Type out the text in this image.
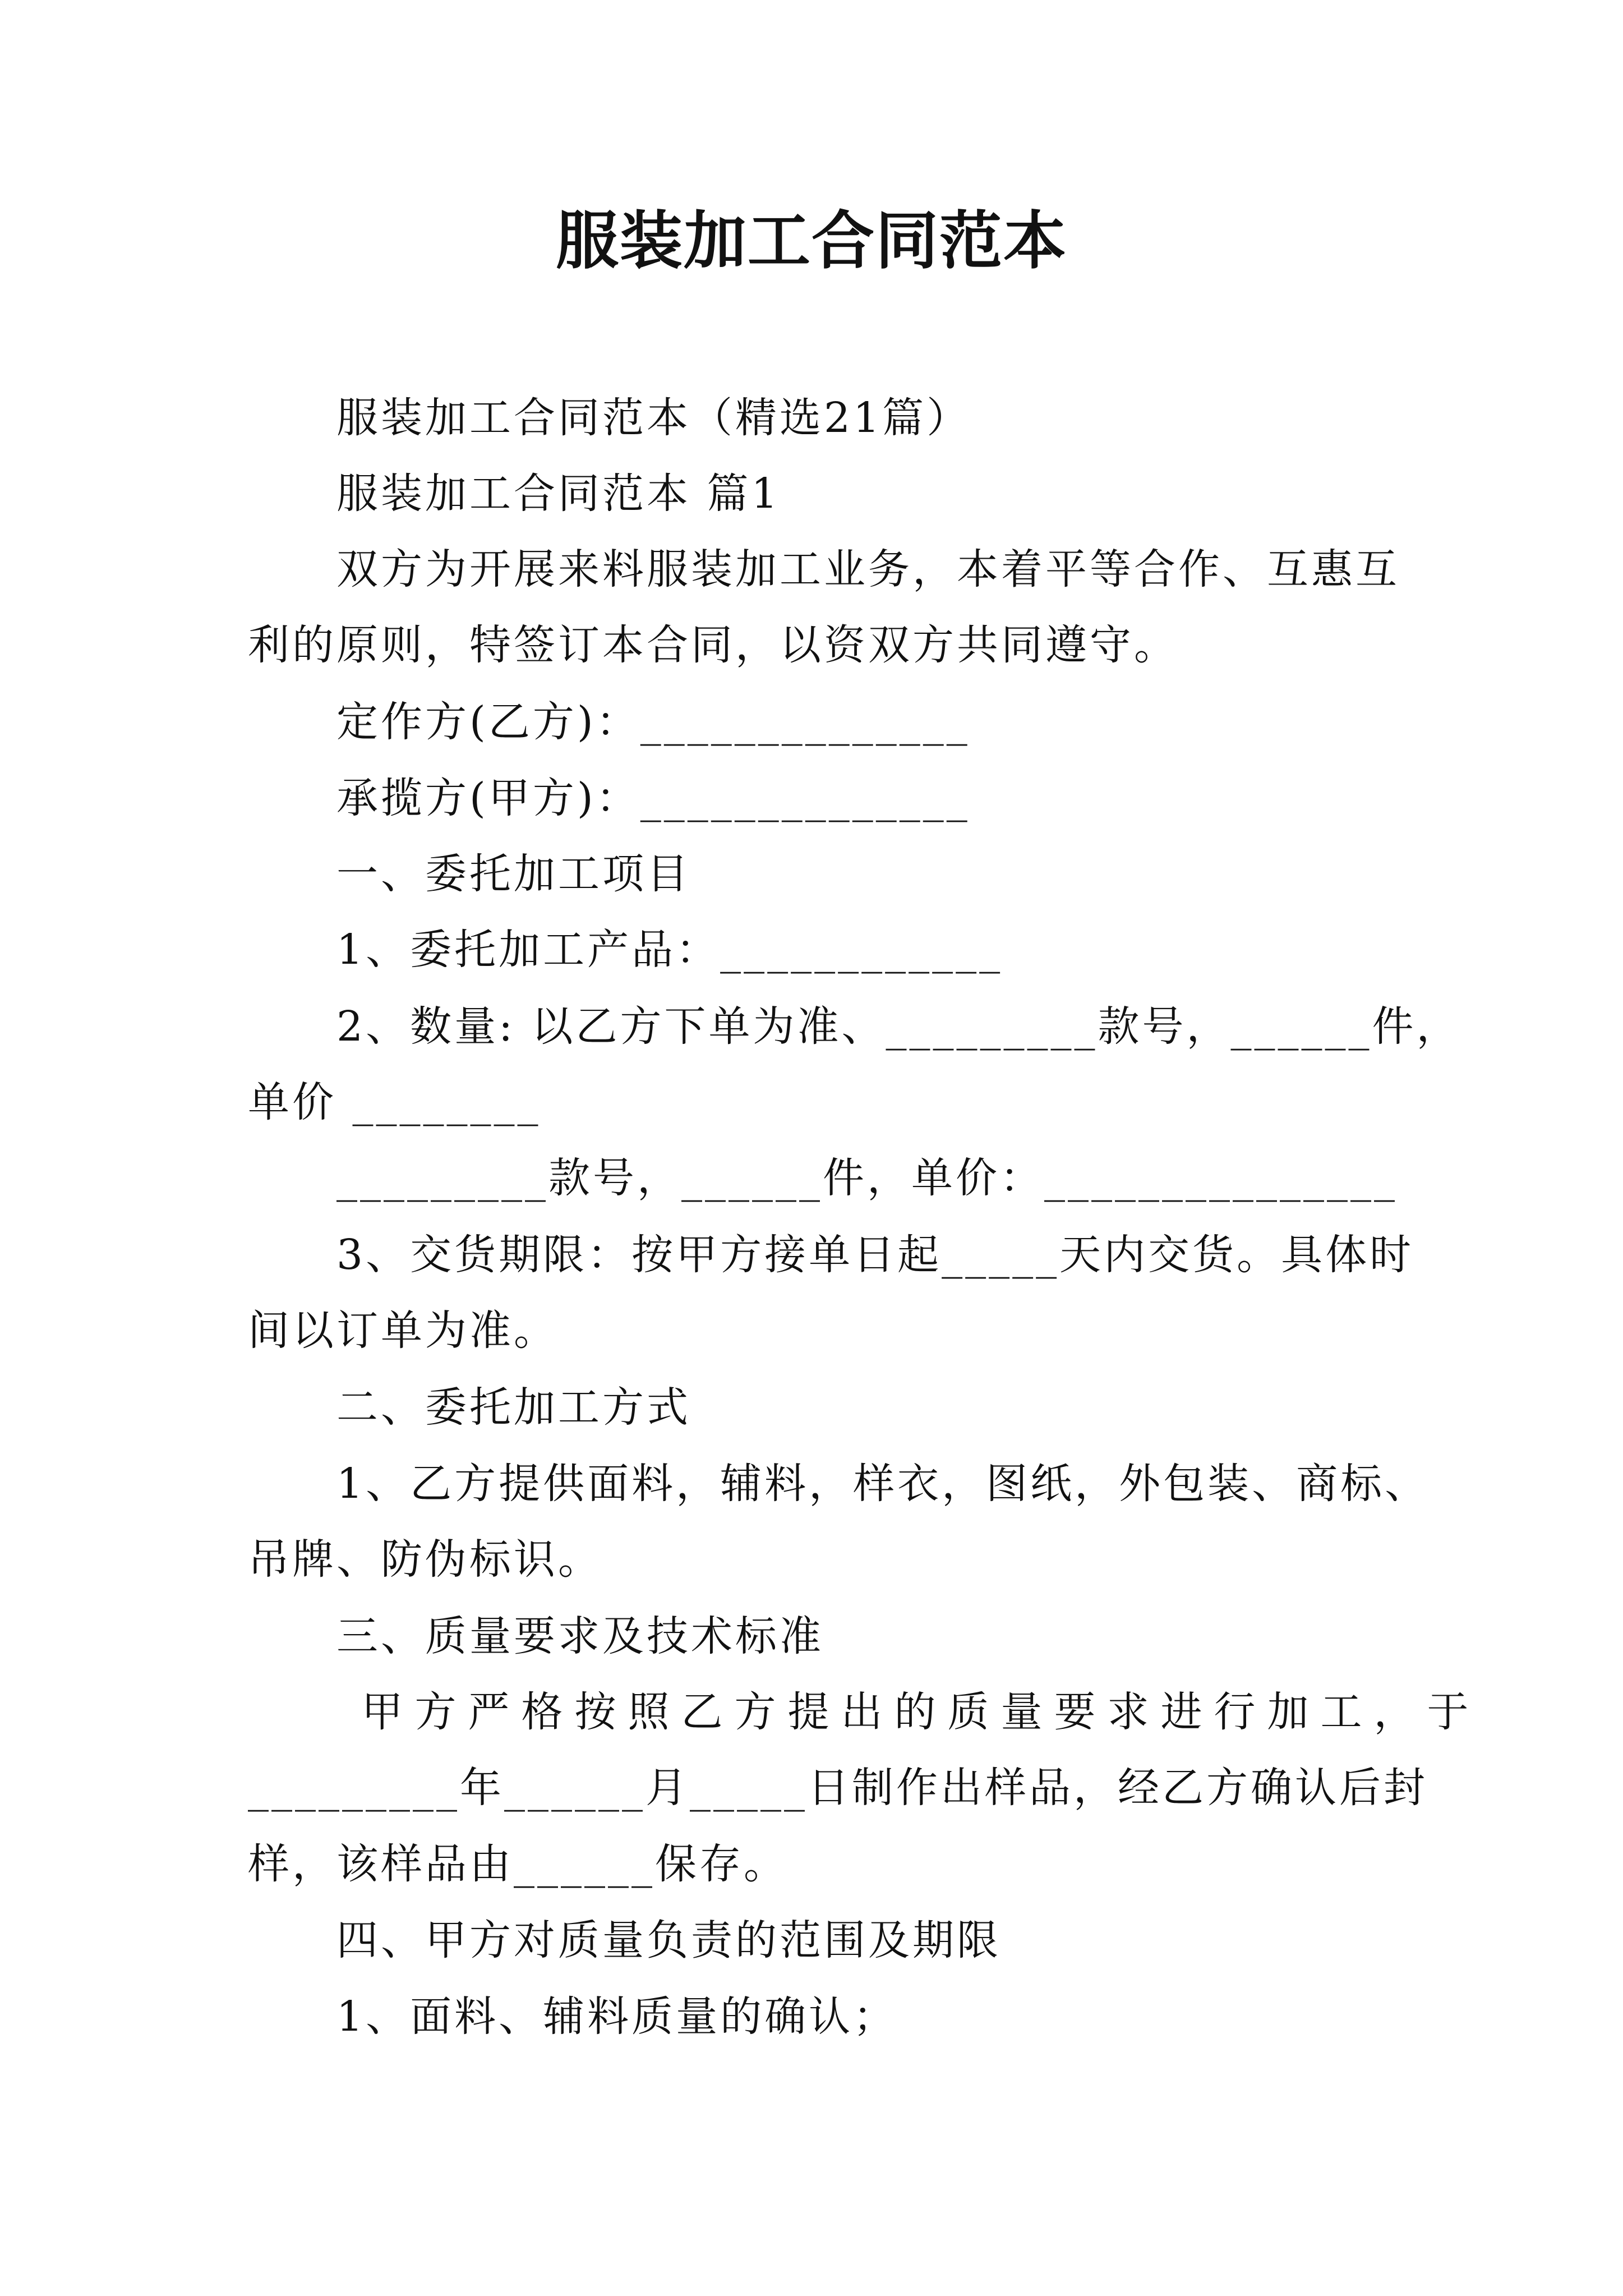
服装加工合同范本
服装加工合同范本（精选21篇）
服装加工合同范本 篇1
双方为开展来料服装加工业务，本着平等合作、互惠互
利的原则，特签订本合同，以资双方共同遵守。
定作方(乙方)：______________
承揽方(甲方)：______________
一、委托加工项目
1、委托加工产品：____________
2、数量: 以乙方下单为准、_________款号，______件，
单价 ________
_________款号，______件，单价：_______________
3、交货期限：按甲方接单日起_____天内交货。具体时
间以订单为准。
二、委托加工方式
1、乙方提供面料，辅料，样衣，图纸，外包装、商标、
吊牌、防伪标识。
三、质量要求及技术标准
甲方严格按照乙方提出的质量要求进行加工，于
_________年______月_____日制作出样品，经乙方确认后封
样，该样品由______保存。
四、甲方对质量负责的范围及期限
1、面料、辅料质量的确认；
